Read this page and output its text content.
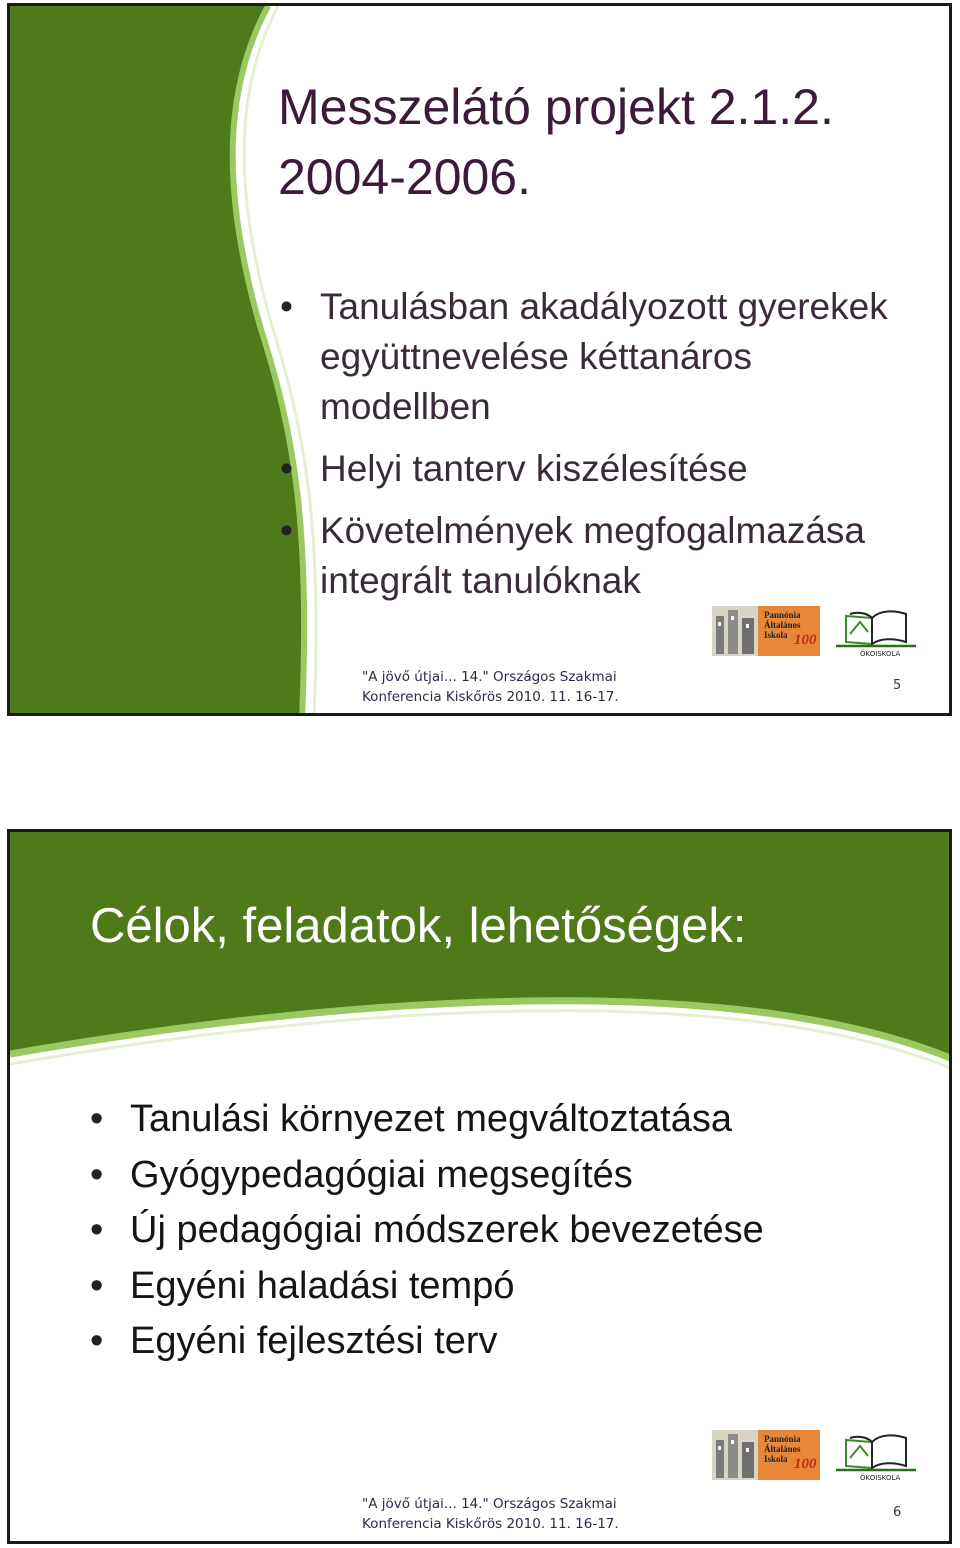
Messzelátó projekt 2.1.2.
2004-2006.
• Tanulásban akadályozott gyerekek együttnevelése kéttanáros modellben
• Helyi tanterv kiszélesítése
• Követelmények megfogalmazása integrált tanulóknak
Pannónia
Általános
Iskola 100
ÖKOISKOLA
"A jövő útjai... 14." Országos Szakmai
Konferencia Kiskőrös 2010. 11. 16-17.
5
Célok, feladatok, lehetőségek:
• Tanulási környezet megváltoztatása
• Gyógypedagógiai megsegítés
• Új pedagógiai módszerek bevezetése
• Egyéni haladási tempó
• Egyéni fejlesztési terv
Pannónia
Általános
Iskola 100
ÖKOISKOLA
"A jövő útjai... 14." Országos Szakmai
Konferencia Kiskőrös 2010. 11. 16-17.
6
